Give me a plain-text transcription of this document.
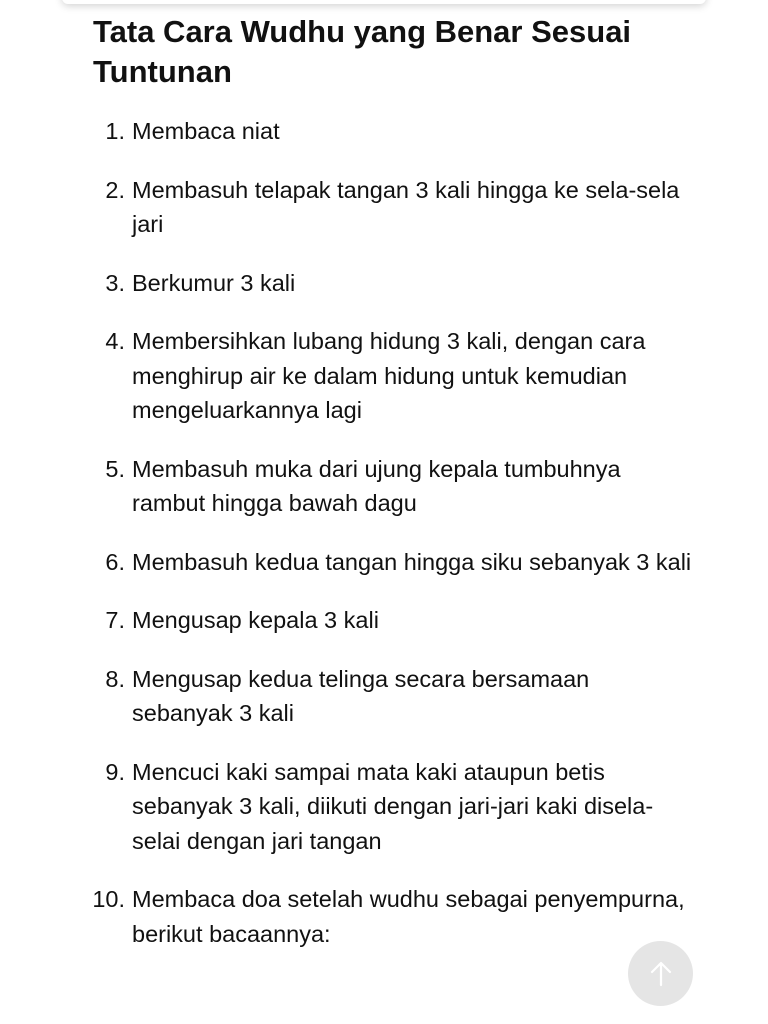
Tata Cara Wudhu yang Benar Sesuai Tuntunan
1. Membaca niat
2. Membasuh telapak tangan 3 kali hingga ke sela-sela jari
3. Berkumur 3 kali
4. Membersihkan lubang hidung 3 kali, dengan cara menghirup air ke dalam hidung untuk kemudian mengeluarkannya lagi
5. Membasuh muka dari ujung kepala tumbuhnya rambut hingga bawah dagu
6. Membasuh kedua tangan hingga siku sebanyak 3 kali
7. Mengusap kepala 3 kali
8. Mengusap kedua telinga secara bersamaan sebanyak 3 kali
9. Mencuci kaki sampai mata kaki ataupun betis sebanyak 3 kali, diikuti dengan jari-jari kaki disela-selai dengan jari tangan
10. Membaca doa setelah wudhu sebagai penyempurna, berikut bacaannya:
